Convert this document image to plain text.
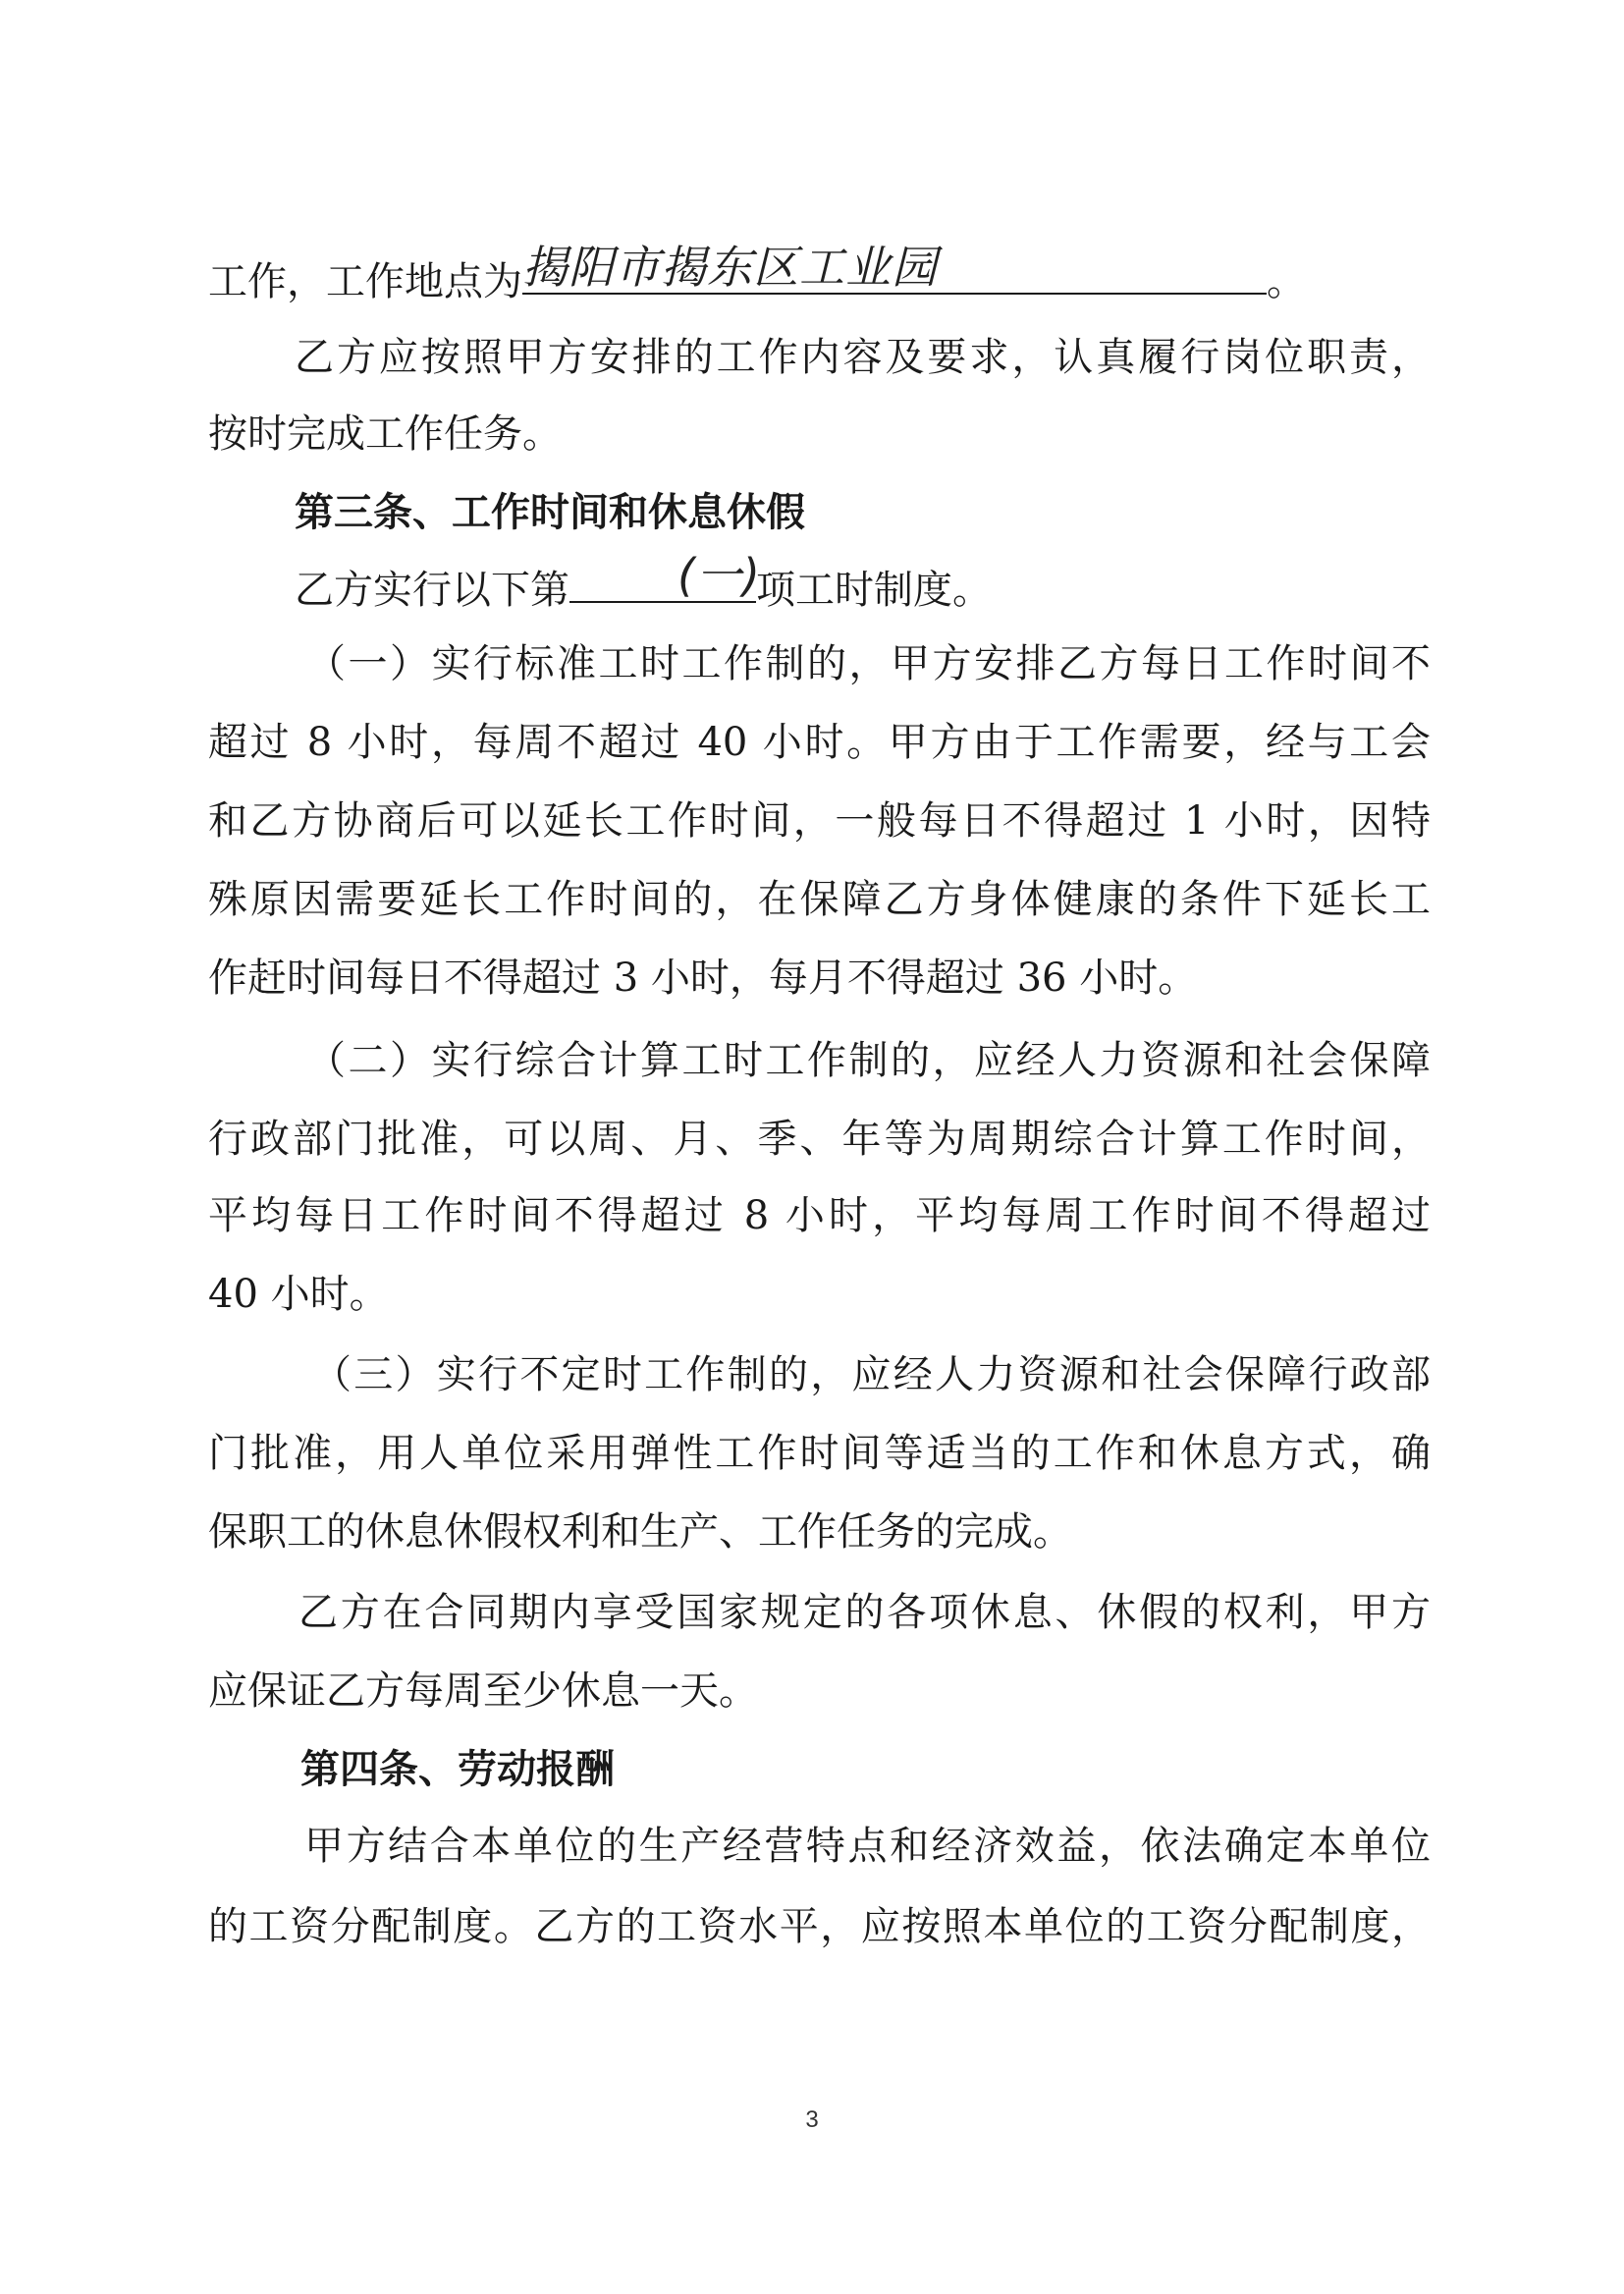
工作，工作地点为 揭阳市揭东区工业园	。
乙方应按照甲方安排的工作内容及要求，认真履行岗位职责，
按时完成工作任务。
第三条、工作时间和休息休假
乙方实行以下第 (一)
项工时制度。
（一）实行标准工时工作制的，甲方安排乙方每日工作时间不
超过 8 小时，每周不超过 40 小时。甲方由于工作需要，经与工会
和乙方协商后可以延长工作时间，一般每日不得超过 1 小时，因特
殊原因需要延长工作时间的，在保障乙方身体健康的条件下延长工
作赶时间每日不得超过 3 小时，每月不得超过 36 小时。
（二）实行综合计算工时工作制的，应经人力资源和社会保障
行政部门批准，可以周、月、季、年等为周期综合计算工作时间，
平均每日工作时间不得超过 8 小时，平均每周工作时间不得超过
40 小时。
（三）实行不定时工作制的，应经人力资源和社会保障行政部
门批准，用人单位采用弹性工作时间等适当的工作和休息方式，确
保职工的休息休假权利和生产、工作任务的完成。
乙方在合同期内享受国家规定的各项休息、休假的权利，甲方
应保证乙方每周至少休息一天。
第四条、劳动报酬
甲方结合本单位的生产经营特点和经济效益，依法确定本单位
的工资分配制度。乙方的工资水平，应按照本单位的工资分配制度，
3
